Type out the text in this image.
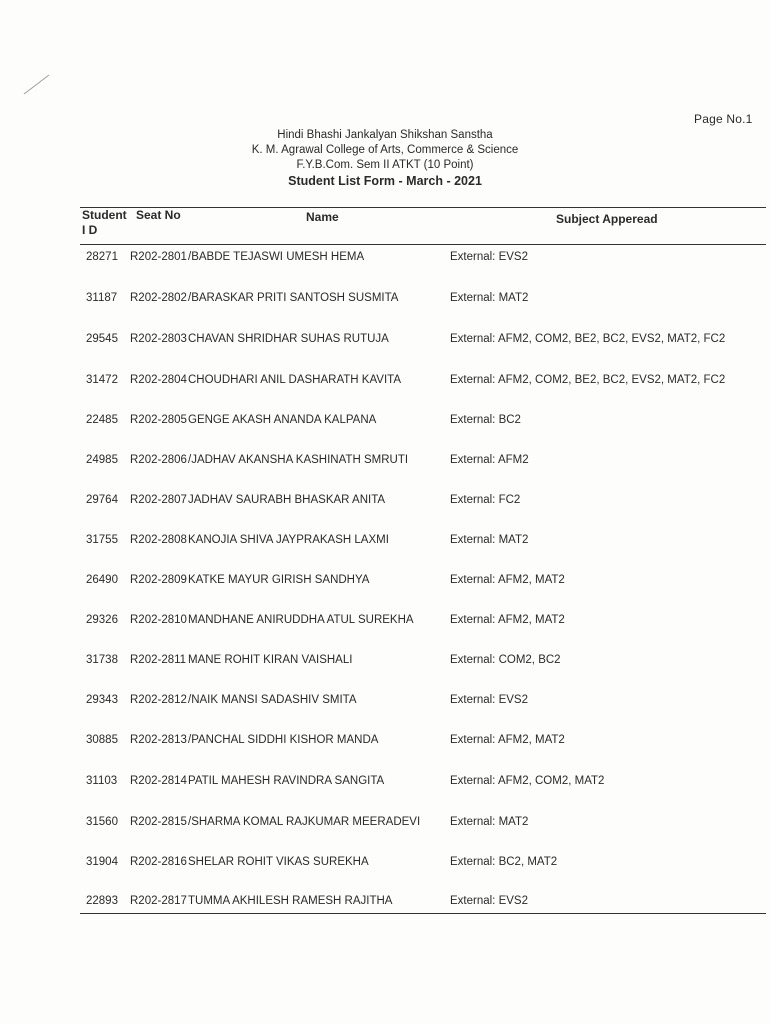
Page No.1
Hindi Bhashi Jankalyan Shikshan Sanstha
K. M. Agrawal College of Arts, Commerce & Science
F.Y.B.Com. Sem II ATKT (10 Point)
Student List Form - March - 2021
Student I D
Seat No	Name	Subject Apperead
28271 R202-2801 /BABDE TEJASWI UMESH HEMA	External: EVS2
31187 R202-2802 /BARASKAR PRITI SANTOSH SUSMITA	External: MAT2
29545 R202-2803 CHAVAN SHRIDHAR SUHAS RUTUJA	External: AFM2, COM2, BE2, BC2, EVS2, MAT2, FC2
31472 R202-2804 CHOUDHARI ANIL DASHARATH KAVITA	External: AFM2, COM2, BE2, BC2, EVS2, MAT2, FC2
22485 R202-2805 GENGE AKASH ANANDA KALPANA	External: BC2
24985 R202-2806 /JADHAV AKANSHA KASHINATH SMRUTI	External: AFM2
29764 R202-2807 JADHAV SAURABH BHASKAR ANITA	External: FC2
31755 R202-2808 KANOJIA SHIVA JAYPRAKASH LAXMI	External: MAT2
26490 R202-2809 KATKE MAYUR GIRISH SANDHYA	External: AFM2, MAT2
29326 R202-2810 MANDHANE ANIRUDDHA ATUL SUREKHA	External: AFM2, MAT2
31738 R202-2811 MANE ROHIT KIRAN VAISHALI	External: COM2, BC2
29343 R202-2812 /NAIK MANSI SADASHIV SMITA	External: EVS2
30885 R202-2813 /PANCHAL SIDDHI KISHOR MANDA	External: AFM2, MAT2
31103 R202-2814 PATIL MAHESH RAVINDRA SANGITA	External: AFM2, COM2, MAT2
31560 R202-2815 /SHARMA KOMAL RAJKUMAR MEERADEVI	External: MAT2
31904 R202-2816 SHELAR ROHIT VIKAS SUREKHA	External: BC2, MAT2
22893 R202-2817 TUMMA AKHILESH RAMESH RAJITHA	External: EVS2
